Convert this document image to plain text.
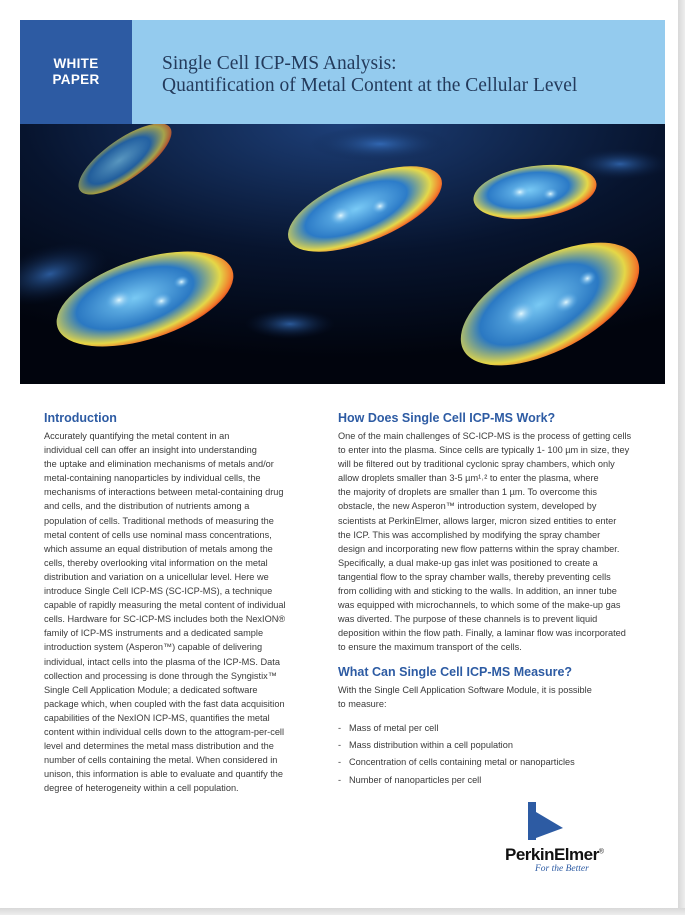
WHITE
PAPER
Single Cell ICP-MS Analysis:
Quantification of Metal Content at the Cellular Level
Introduction

Accurately quantifying the metal content in an
individual cell can offer an insight into understanding
the uptake and elimination mechanisms of metals and/or
metal-containing nanoparticles by individual cells, the
mechanisms of interactions between metal-containing drug
and cells, and the distribution of nutrients among a
population of cells. Traditional methods of measuring the
metal content of cells use nominal mass concentrations,
which assume an equal distribution of metals among the
cells, thereby overlooking vital information on the metal
distribution and variation on a unicellular level. Here we
introduce Single Cell ICP-MS (SC-ICP-MS), a technique
capable of rapidly measuring the metal content of individual
cells. Hardware for SC-ICP-MS includes both the NexION®
family of ICP-MS instruments and a dedicated sample
introduction system (Asperon™) capable of delivering
individual, intact cells into the plasma of the ICP-MS. Data
collection and processing is done through the Syngistix™
Single Cell Application Module; a dedicated software
package which, when coupled with the fast data acquisition
capabilities of the NexION ICP-MS, quantifies the metal
content within individual cells down to the attogram-per-cell
level and determines the metal mass distribution and the
number of cells containing the metal. When considered in
unison, this information is able to evaluate and quantify the
degree of heterogeneity within a cell population.

How Does Single Cell ICP-MS Work?

One of the main challenges of SC-ICP-MS is the process of getting cells
to enter into the plasma. Since cells are typically 1- 100 µm in size, they
will be filtered out by traditional cyclonic spray chambers, which only
allow droplets smaller than 3-5 µm¹˒² to enter the plasma, where
the majority of droplets are smaller than 1 µm. To overcome this
obstacle, the new Asperon™ introduction system, developed by
scientists at PerkinElmer, allows larger, micron sized entities to enter
the ICP. This was accomplished by modifying the spray chamber
design and incorporating new flow patterns within the spray chamber.
Specifically, a dual make-up gas inlet was positioned to create a
tangential flow to the spray chamber walls, thereby preventing cells
from colliding with and sticking to the walls. In addition, an inner tube
was equipped with microchannels, to which some of the make-up gas
was diverted. The purpose of these channels is to prevent liquid
deposition within the flow path. Finally, a laminar flow was incorporated
to ensure the maximum transport of the cells.

What Can Single Cell ICP-MS Measure?

With the Single Cell Application Software Module, it is possible
to measure:

- Mass of metal per cell
- Mass distribution within a cell population
- Concentration of cells containing metal or nanoparticles
- Number of nanoparticles per cell
PerkinElmer®
For the Better
